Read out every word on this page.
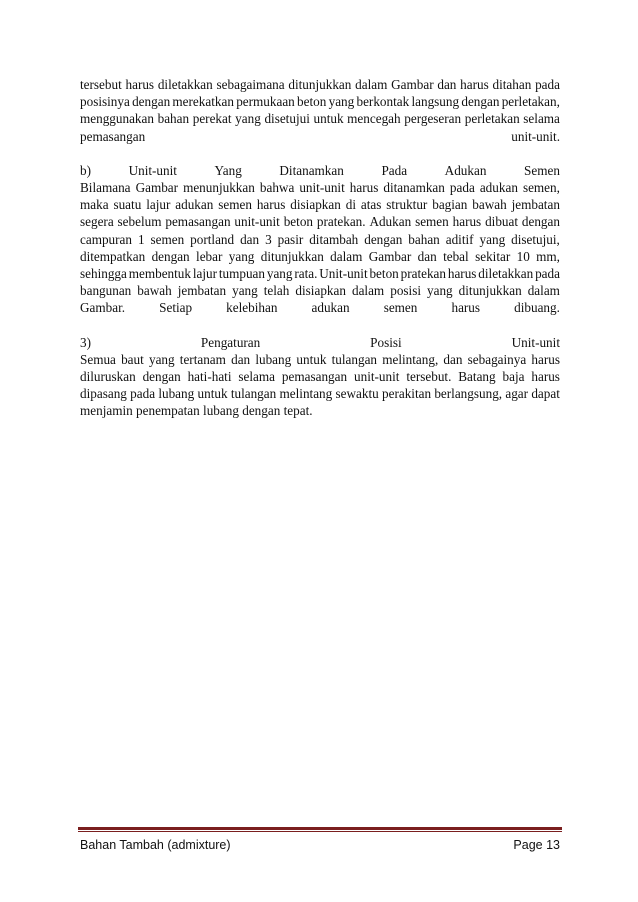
tersebut harus diletakkan sebagaimana ditunjukkan dalam Gambar dan harus ditahan pada
posisinya dengan merekatkan permukaan beton yang berkontak langsung dengan perletakan,
menggunakan bahan perekat yang disetujui untuk mencegah pergeseran perletakan selama
pemasangan	unit-unit.
b)	Unit-unit	Yang	Ditanamkan	Pada	Adukan	Semen
Bilamana Gambar menunjukkan bahwa unit-unit harus ditanamkan pada adukan semen,
maka suatu lajur adukan semen harus disiapkan di atas struktur bagian bawah jembatan
segera sebelum pemasangan unit-unit beton pratekan. Adukan semen harus dibuat dengan
campuran 1 semen portland dan 3 pasir ditambah dengan bahan aditif yang disetujui,
ditempatkan dengan lebar yang ditunjukkan dalam Gambar dan tebal sekitar 10 mm,
sehingga membentuk lajur tumpuan yang rata. Unit-unit beton pratekan harus diletakkan pada
bangunan bawah jembatan yang telah disiapkan dalam posisi yang ditunjukkan dalam
Gambar.	Setiap	kelebihan	adukan	semen	harus	dibuang.
3)	Pengaturan	Posisi	Unit-unit
Semua baut yang tertanam dan lubang untuk tulangan melintang, dan sebagainya harus
diluruskan dengan hati-hati selama pemasangan unit-unit tersebut. Batang baja harus
dipasang pada lubang untuk tulangan melintang sewaktu perakitan berlangsung, agar dapat
menjamin penempatan lubang dengan tepat.
Bahan Tambah (admixture)	Page 13
